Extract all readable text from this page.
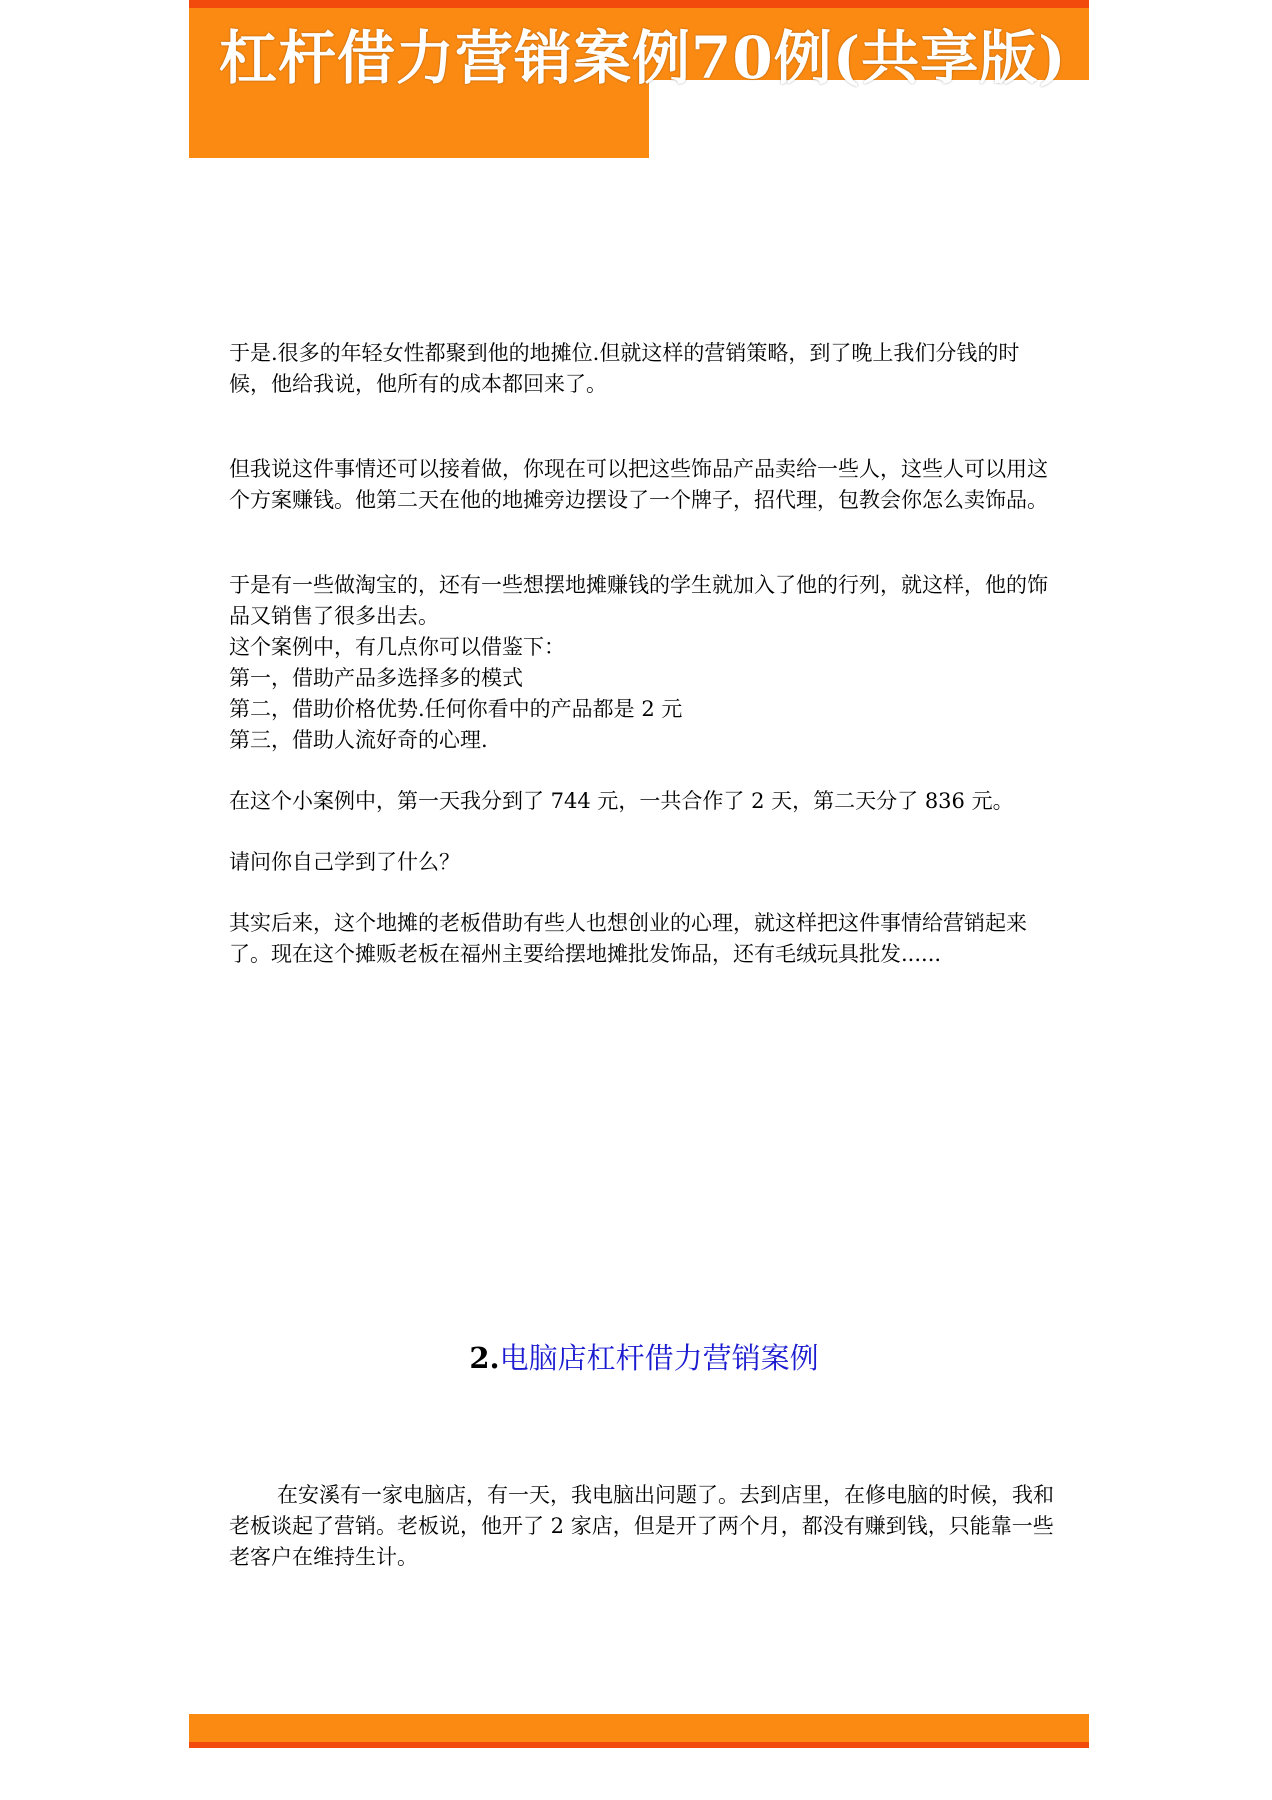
杠杆借力营销案例70例(共享版)

于是.很多的年轻女性都聚到他的地摊位.但就这样的营销策略，到了晚上我们分钱的时候，他给我说，他所有的成本都回来了。

但我说这件事情还可以接着做，你现在可以把这些饰品产品卖给一些人，这些人可以用这个方案赚钱。他第二天在他的地摊旁边摆设了一个牌子，招代理，包教会你怎么卖饰品。

于是有一些做淘宝的，还有一些想摆地摊赚钱的学生就加入了他的行列，就这样，他的饰品又销售了很多出去。

这个案例中，有几点你可以借鉴下：

第一，借助产品多选择多的模式

第二，借助价格优势.任何你看中的产品都是 2 元

第三，借助人流好奇的心理.

在这个小案例中，第一天我分到了 744 元，一共合作了 2 天，第二天分了 836 元。

请问你自己学到了什么？

其实后来，这个地摊的老板借助有些人也想创业的心理，就这样把这件事情给营销起来了。现在这个摊贩老板在福州主要给摆地摊批发饰品，还有毛绒玩具批发......

2.电脑店杠杆借力营销案例

在安溪有一家电脑店，有一天，我电脑出问题了。去到店里，在修电脑的时候，我和老板谈起了营销。老板说，他开了 2 家店，但是开了两个月，都没有赚到钱，只能靠一些老客户在维持生计。
